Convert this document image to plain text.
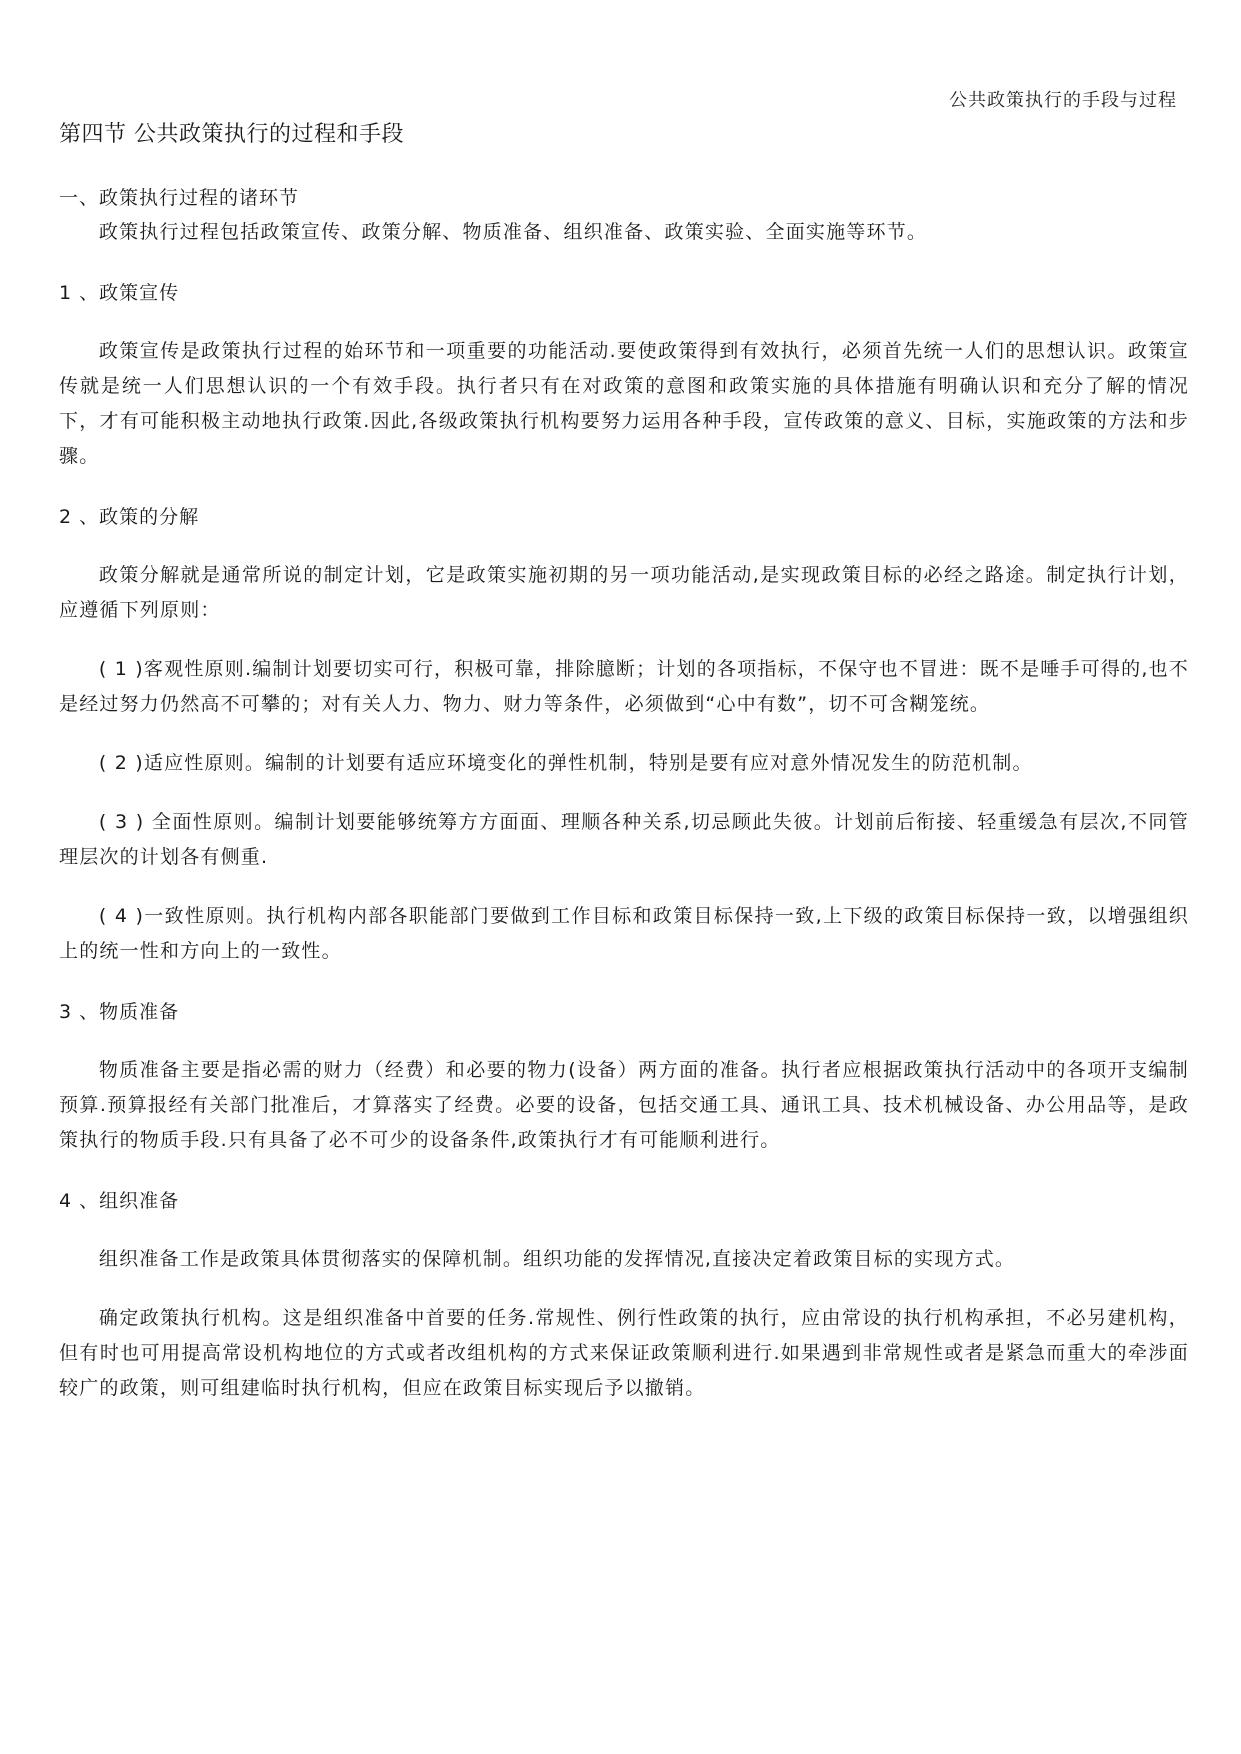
公共政策执行的手段与过程
第四节 公共政策执行的过程和手段
一、政策执行过程的诸环节
政策执行过程包括政策宣传、政策分解、物质准备、组织准备、政策实验、全面实施等环节。
1 、政策宣传
政策宣传是政策执行过程的始环节和一项重要的功能活动.要使政策得到有效执行，必须首先统一人们的思想认识。政策宣传就是统一人们思想认识的一个有效手段。执行者只有在对政策的意图和政策实施的具体措施有明确认识和充分了解的情况下，才有可能积极主动地执行政策.因此,各级政策执行机构要努力运用各种手段，宣传政策的意义、目标，实施政策的方法和步骤。
2 、政策的分解
政策分解就是通常所说的制定计划，它是政策实施初期的另一项功能活动,是实现政策目标的必经之路途。制定执行计划，应遵循下列原则：
( 1 )客观性原则.编制计划要切实可行，积极可靠，排除臆断；计划的各项指标，不保守也不冒进：既不是唾手可得的,也不是经过努力仍然高不可攀的；对有关人力、物力、财力等条件，必须做到“心中有数”，切不可含糊笼统。
( 2 )适应性原则。编制的计划要有适应环境变化的弹性机制，特别是要有应对意外情况发生的防范机制。
( 3 ) 全面性原则。编制计划要能够统筹方方面面、理顺各种关系,切忌顾此失彼。计划前后衔接、轻重缓急有层次,不同管理层次的计划各有侧重.
( 4 )一致性原则。执行机构内部各职能部门要做到工作目标和政策目标保持一致,上下级的政策目标保持一致，以增强组织上的统一性和方向上的一致性。
3 、物质准备
物质准备主要是指必需的财力（经费）和必要的物力(设备）两方面的准备。执行者应根据政策执行活动中的各项开支编制预算.预算报经有关部门批准后，才算落实了经费。必要的设备，包括交通工具、通讯工具、技术机械设备、办公用品等，是政策执行的物质手段.只有具备了必不可少的设备条件,政策执行才有可能顺利进行。
4 、组织准备
组织准备工作是政策具体贯彻落实的保障机制。组织功能的发挥情况,直接决定着政策目标的实现方式。
确定政策执行机构。这是组织准备中首要的任务.常规性、例行性政策的执行，应由常设的执行机构承担，不必另建机构，但有时也可用提高常设机构地位的方式或者改组机构的方式来保证政策顺利进行.如果遇到非常规性或者是紧急而重大的牵涉面较广的政策，则可组建临时执行机构，但应在政策目标实现后予以撤销。
